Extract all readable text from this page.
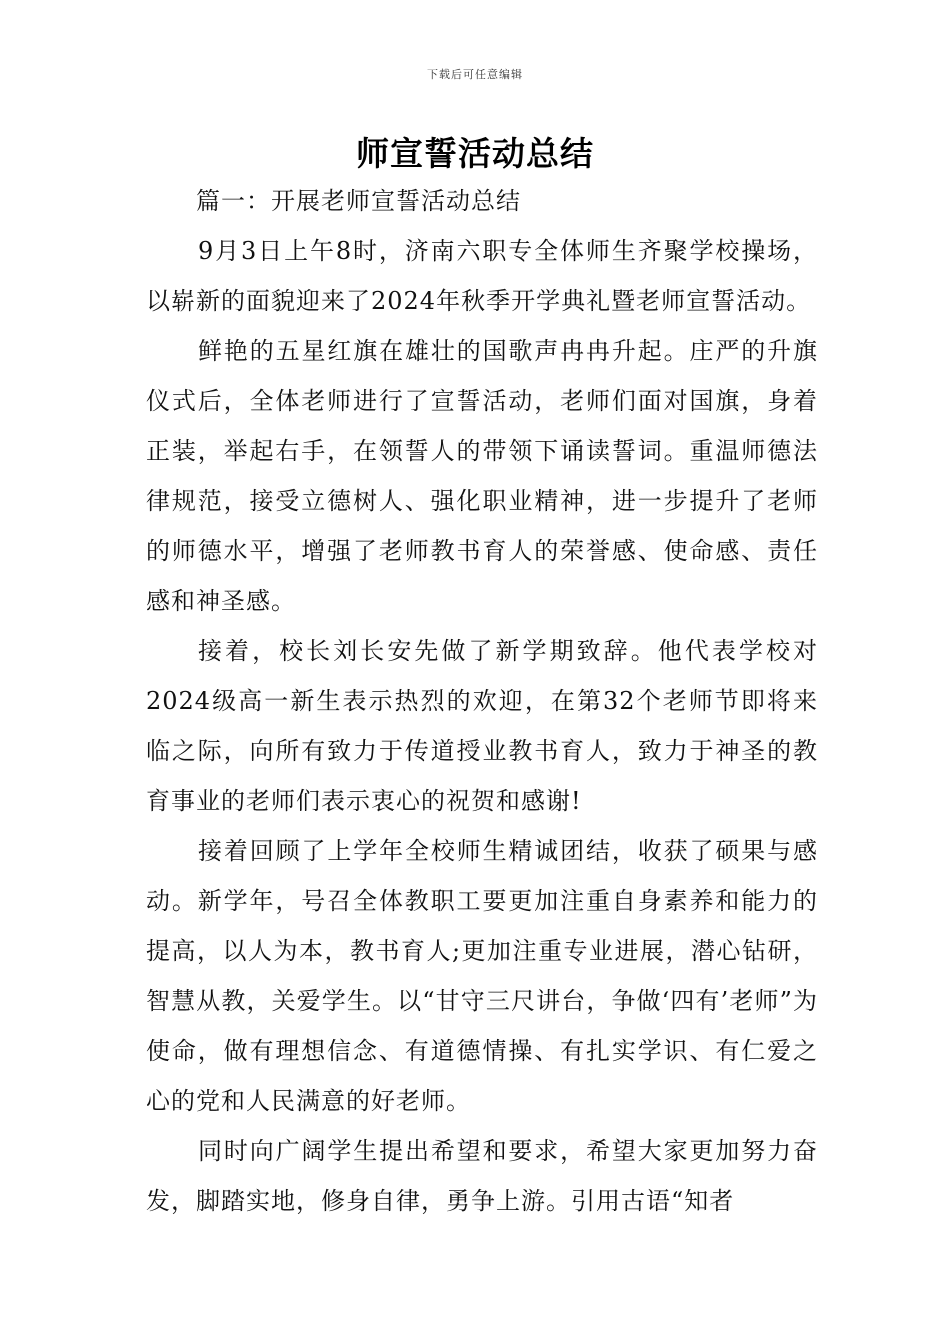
下载后可任意编辑
师宣誓活动总结

篇一：开展老师宣誓活动总结

9月3日上午8时，济南六职专全体师生齐聚学校操场，以崭新的面貌迎来了2024年秋季开学典礼暨老师宣誓活动。

鲜艳的五星红旗在雄壮的国歌声冉冉升起。庄严的升旗仪式后，全体老师进行了宣誓活动，老师们面对国旗，身着正装，举起右手，在领誓人的带领下诵读誓词。重温师德法律规范，接受立德树人、强化职业精神，进一步提升了老师的师德水平，增强了老师教书育人的荣誉感、使命感、责任感和神圣感。

接着，校长刘长安先做了新学期致辞。他代表学校对2024级高一新生表示热烈的欢迎，在第32个老师节即将来临之际，向所有致力于传道授业教书育人，致力于神圣的教育事业的老师们表示衷心的祝贺和感谢!

接着回顾了上学年全校师生精诚团结，收获了硕果与感动。新学年，号召全体教职工要更加注重自身素养和能力的提高，以人为本，教书育人;更加注重专业进展，潜心钻研，智慧从教，关爱学生。以“甘守三尺讲台，争做‘四有’老师”为使命，做有理想信念、有道德情操、有扎实学识、有仁爱之心的党和人民满意的好老师。

同时向广阔学生提出希望和要求，希望大家更加努力奋发，脚踏实地，修身自律，勇争上游。引用古语“知者
